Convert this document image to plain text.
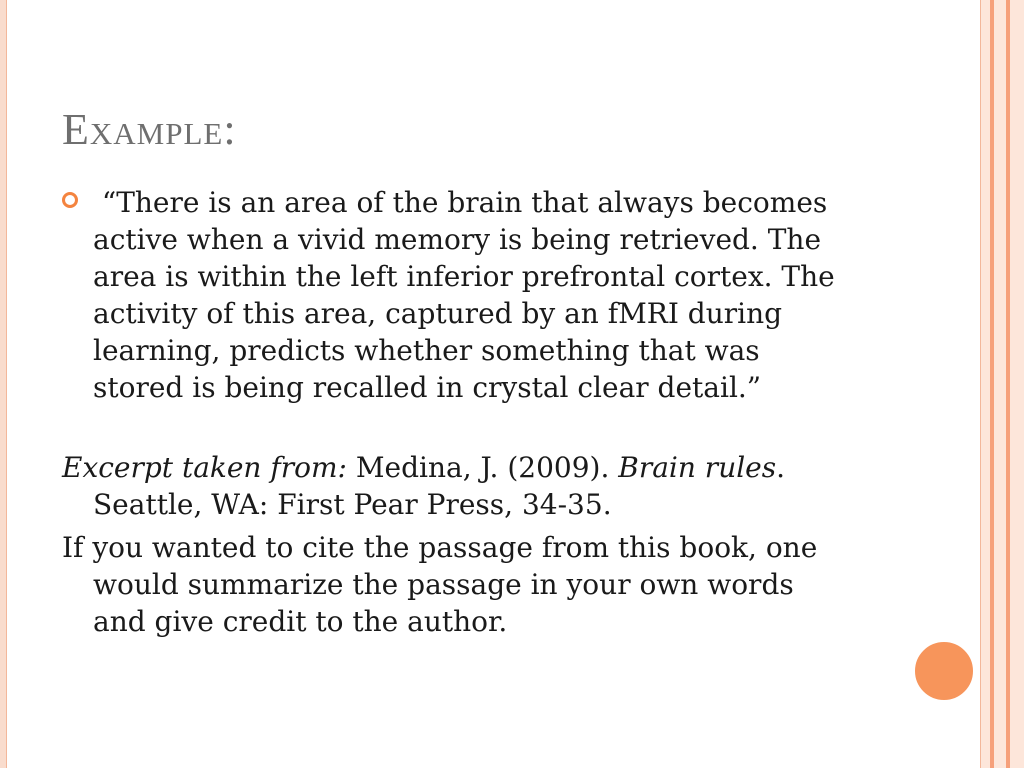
Example:

“There is an area of the brain that always becomes active when a vivid memory is being retrieved. The area is within the left inferior prefrontal cortex. The activity of this area, captured by an fMRI during learning, predicts whether something that was stored is being recalled in crystal clear detail.”

Excerpt taken from: Medina, J. (2009). Brain rules. Seattle, WA: First Pear Press, 34-35.

If you wanted to cite the passage from this book, one would summarize the passage in your own words and give credit to the author.
